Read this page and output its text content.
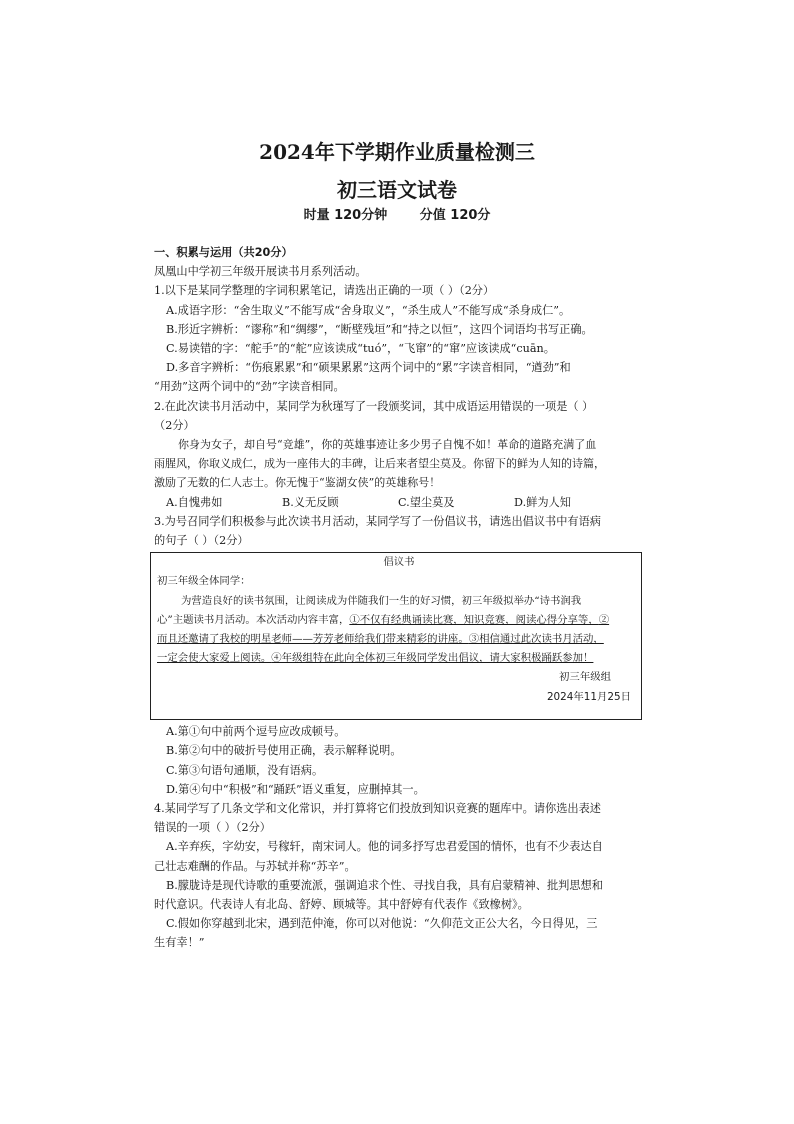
2024年下学期作业质量检测三
初三语文试卷
时量 120分钟	分值 120分
一、积累与运用（共20分）
凤凰山中学初三年级开展读书月系列活动。
1.以下是某同学整理的字词积累笔记，请选出正确的一项（ ）（2分）
A.成语字形：“舍生取义”不能写成“舍身取义”，“杀生成人”不能写成“杀身成仁”。
B.形近字辨析：“谬称”和“绸缪”，“断壁残垣”和“持之以恒”，这四个词语均书写正确。
C.易读错的字：“舵手”的“舵”应该读成“tuó”，“飞窜”的“窜”应该读成“cuān。
D.多音字辨析：“伤痕累累”和“硕果累累”这两个词中的“累”字读音相同，“遒劲”和
“用劲”这两个词中的“劲”字读音相同。
2.在此次读书月活动中，某同学为秋瑾写了一段颁奖词，其中成语运用错误的一项是（ ）
（2分）
你身为女子，却自号“竞雄”，你的英雄事迹让多少男子自愧不如！革命的道路充满了血
雨腥风，你取义成仁，成为一座伟大的丰碑，让后来者望尘莫及。你留下的鲜为人知的诗篇，
激励了无数的仁人志士。你无愧于“鉴湖女侠”的英雄称号！
A.自愧弗如	B.义无反顾	C.望尘莫及	D.鲜为人知
3.为号召同学们积极参与此次读书月活动，某同学写了一份倡议书，请选出倡议书中有语病
的句子（ ）（2分）
倡议书
初三年级全体同学：
为营造良好的读书氛围，让阅读成为伴随我们一生的好习惯，初三年级拟举办“诗书润我
心”主题读书月活动。本次活动内容丰富，①不仅有经典诵读比赛，知识竞赛，阅读心得分享等，②
而且还邀请了我校的明星老师——芳芳老师给我们带来精彩的讲座。③相信通过此次读书月活动，
一定会使大家爱上阅读。④年级组特在此向全体初三年级同学发出倡议，请大家积极踊跃参加！
初三年级组
2024年11月25日
A.第①句中前两个逗号应改成顿号。
B.第②句中的破折号使用正确，表示解释说明。
C.第③句语句通顺，没有语病。
D.第④句中“积极”和“踊跃”语义重复，应删掉其一。
4.某同学写了几条文学和文化常识，并打算将它们投放到知识竞赛的题库中。请你选出表述
错误的一项（ ）（2分）
A.辛弃疾，字幼安，号稼轩，南宋词人。他的词多抒写忠君爱国的情怀，也有不少表达自
己壮志难酬的作品。与苏轼并称“苏辛”。
B.朦胧诗是现代诗歌的重要流派，强调追求个性、寻找自我，具有启蒙精神、批判思想和
时代意识。代表诗人有北岛、舒婷、顾城等。其中舒婷有代表作《致橡树》。
C.假如你穿越到北宋，遇到范仲淹，你可以对他说：“久仰范文正公大名，今日得见，三
生有幸！”
